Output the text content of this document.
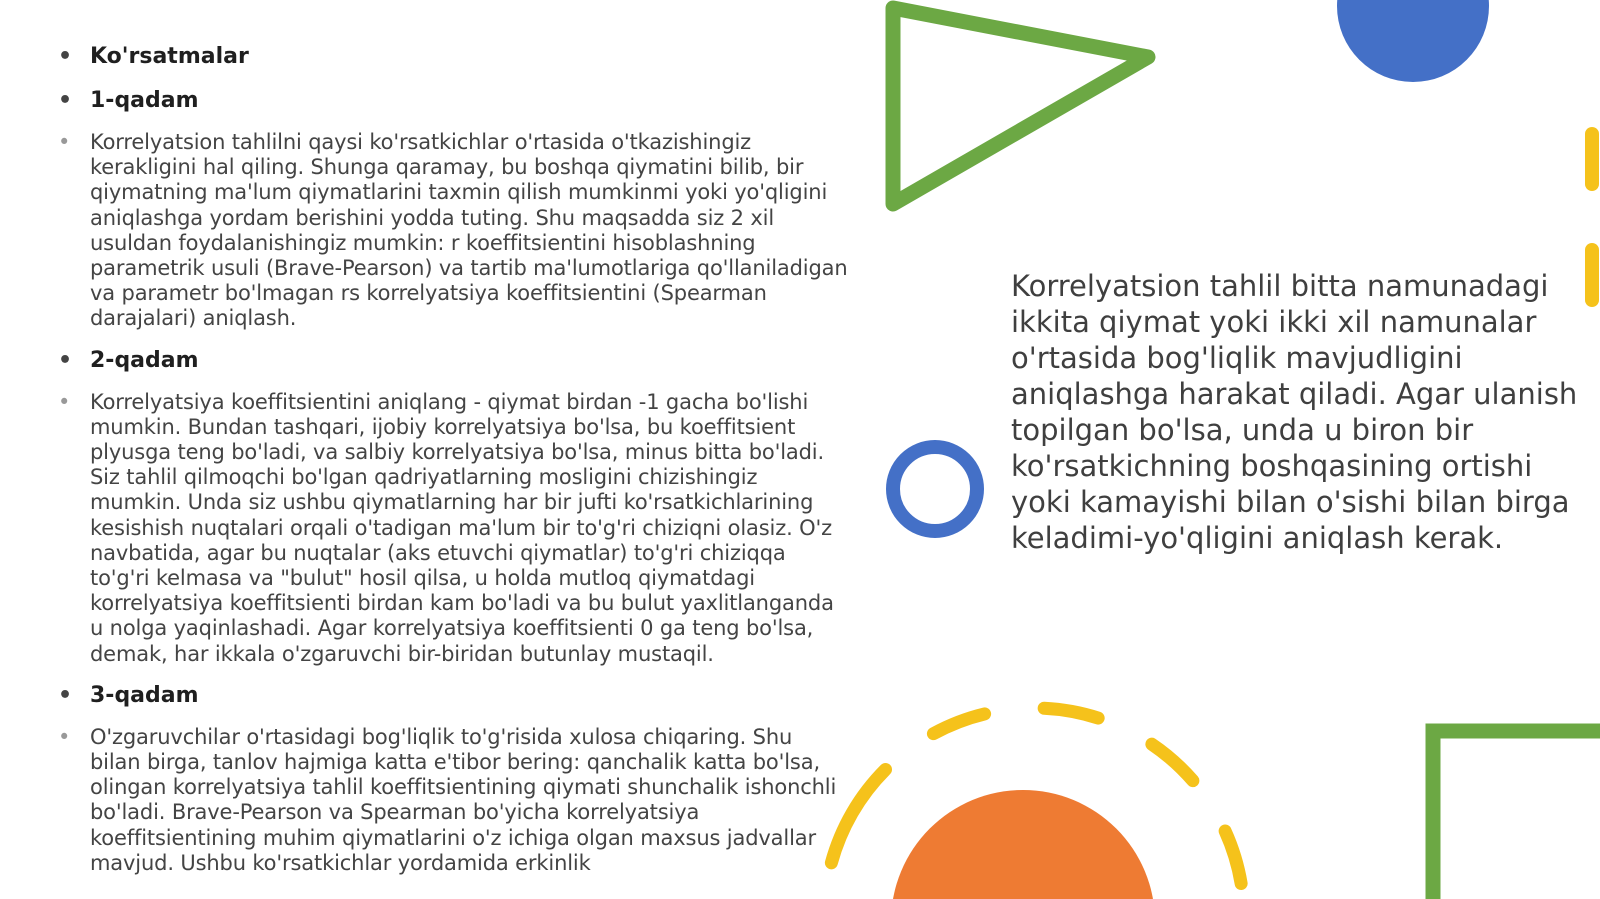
• Ko'rsatmalar
• 1-qadam
• Korrelyatsion tahlilni qaysi ko'rsatkichlar o'rtasida o'tkazishingiz kerakligini hal qiling. Shunga qaramay, bu boshqa qiymatini bilib, bir qiymatning ma'lum qiymatlarini taxmin qilish mumkinmi yoki yo'qligini aniqlashga yordam berishini yodda tuting. Shu maqsadda siz 2 xil usuldan foydalanishingiz mumkin: r koeffitsientini hisoblashning parametrik usuli (Brave-Pearson) va tartib ma'lumotlariga qo'llaniladigan va parametr bo'lmagan rs korrelyatsiya koeffitsientini (Spearman darajalari) aniqlash.
• 2-qadam
• Korrelyatsiya koeffitsientini aniqlang - qiymat birdan -1 gacha bo'lishi mumkin. Bundan tashqari, ijobiy korrelyatsiya bo'lsa, bu koeffitsient plyusga teng bo'ladi, va salbiy korrelyatsiya bo'lsa, minus bitta bo'ladi. Siz tahlil qilmoqchi bo'lgan qadriyatlarning mosligini chizishingiz mumkin. Unda siz ushbu qiymatlarning har bir jufti ko'rsatkichlarining kesishish nuqtalari orqali o'tadigan ma'lum bir to'g'ri chiziqni olasiz. O'z navbatida, agar bu nuqtalar (aks etuvchi qiymatlar) to'g'ri chiziqqa to'g'ri kelmasa va "bulut" hosil qilsa, u holda mutloq qiymatdagi korrelyatsiya koeffitsienti birdan kam bo'ladi va bu bulut yaxlitlanganda u nolga yaqinlashadi. Agar korrelyatsiya koeffitsienti 0 ga teng bo'lsa, demak, har ikkala o'zgaruvchi bir-biridan butunlay mustaqil.
• 3-qadam
• O'zgaruvchilar o'rtasidagi bog'liqlik to'g'risida xulosa chiqaring. Shu bilan birga, tanlov hajmiga katta e'tibor bering: qanchalik katta bo'lsa, olingan korrelyatsiya tahlil koeffitsientining qiymati shunchalik ishonchli bo'ladi. Brave-Pearson va Spearman bo'yicha korrelyatsiya koeffitsientining muhim qiymatlarini o'z ichiga olgan maxsus jadvallar mavjud. Ushbu ko'rsatkichlar yordamida erkinlik

Korrelyatsion tahlil bitta namunadagi ikkita qiymat yoki ikki xil namunalar o'rtasida bog'liqlik mavjudligini aniqlashga harakat qiladi. Agar ulanish topilgan bo'lsa, unda u biron bir ko'rsatkichning boshqasining ortishi yoki kamayishi bilan o'sishi bilan birga keladimi-yo'qligini aniqlash kerak.
